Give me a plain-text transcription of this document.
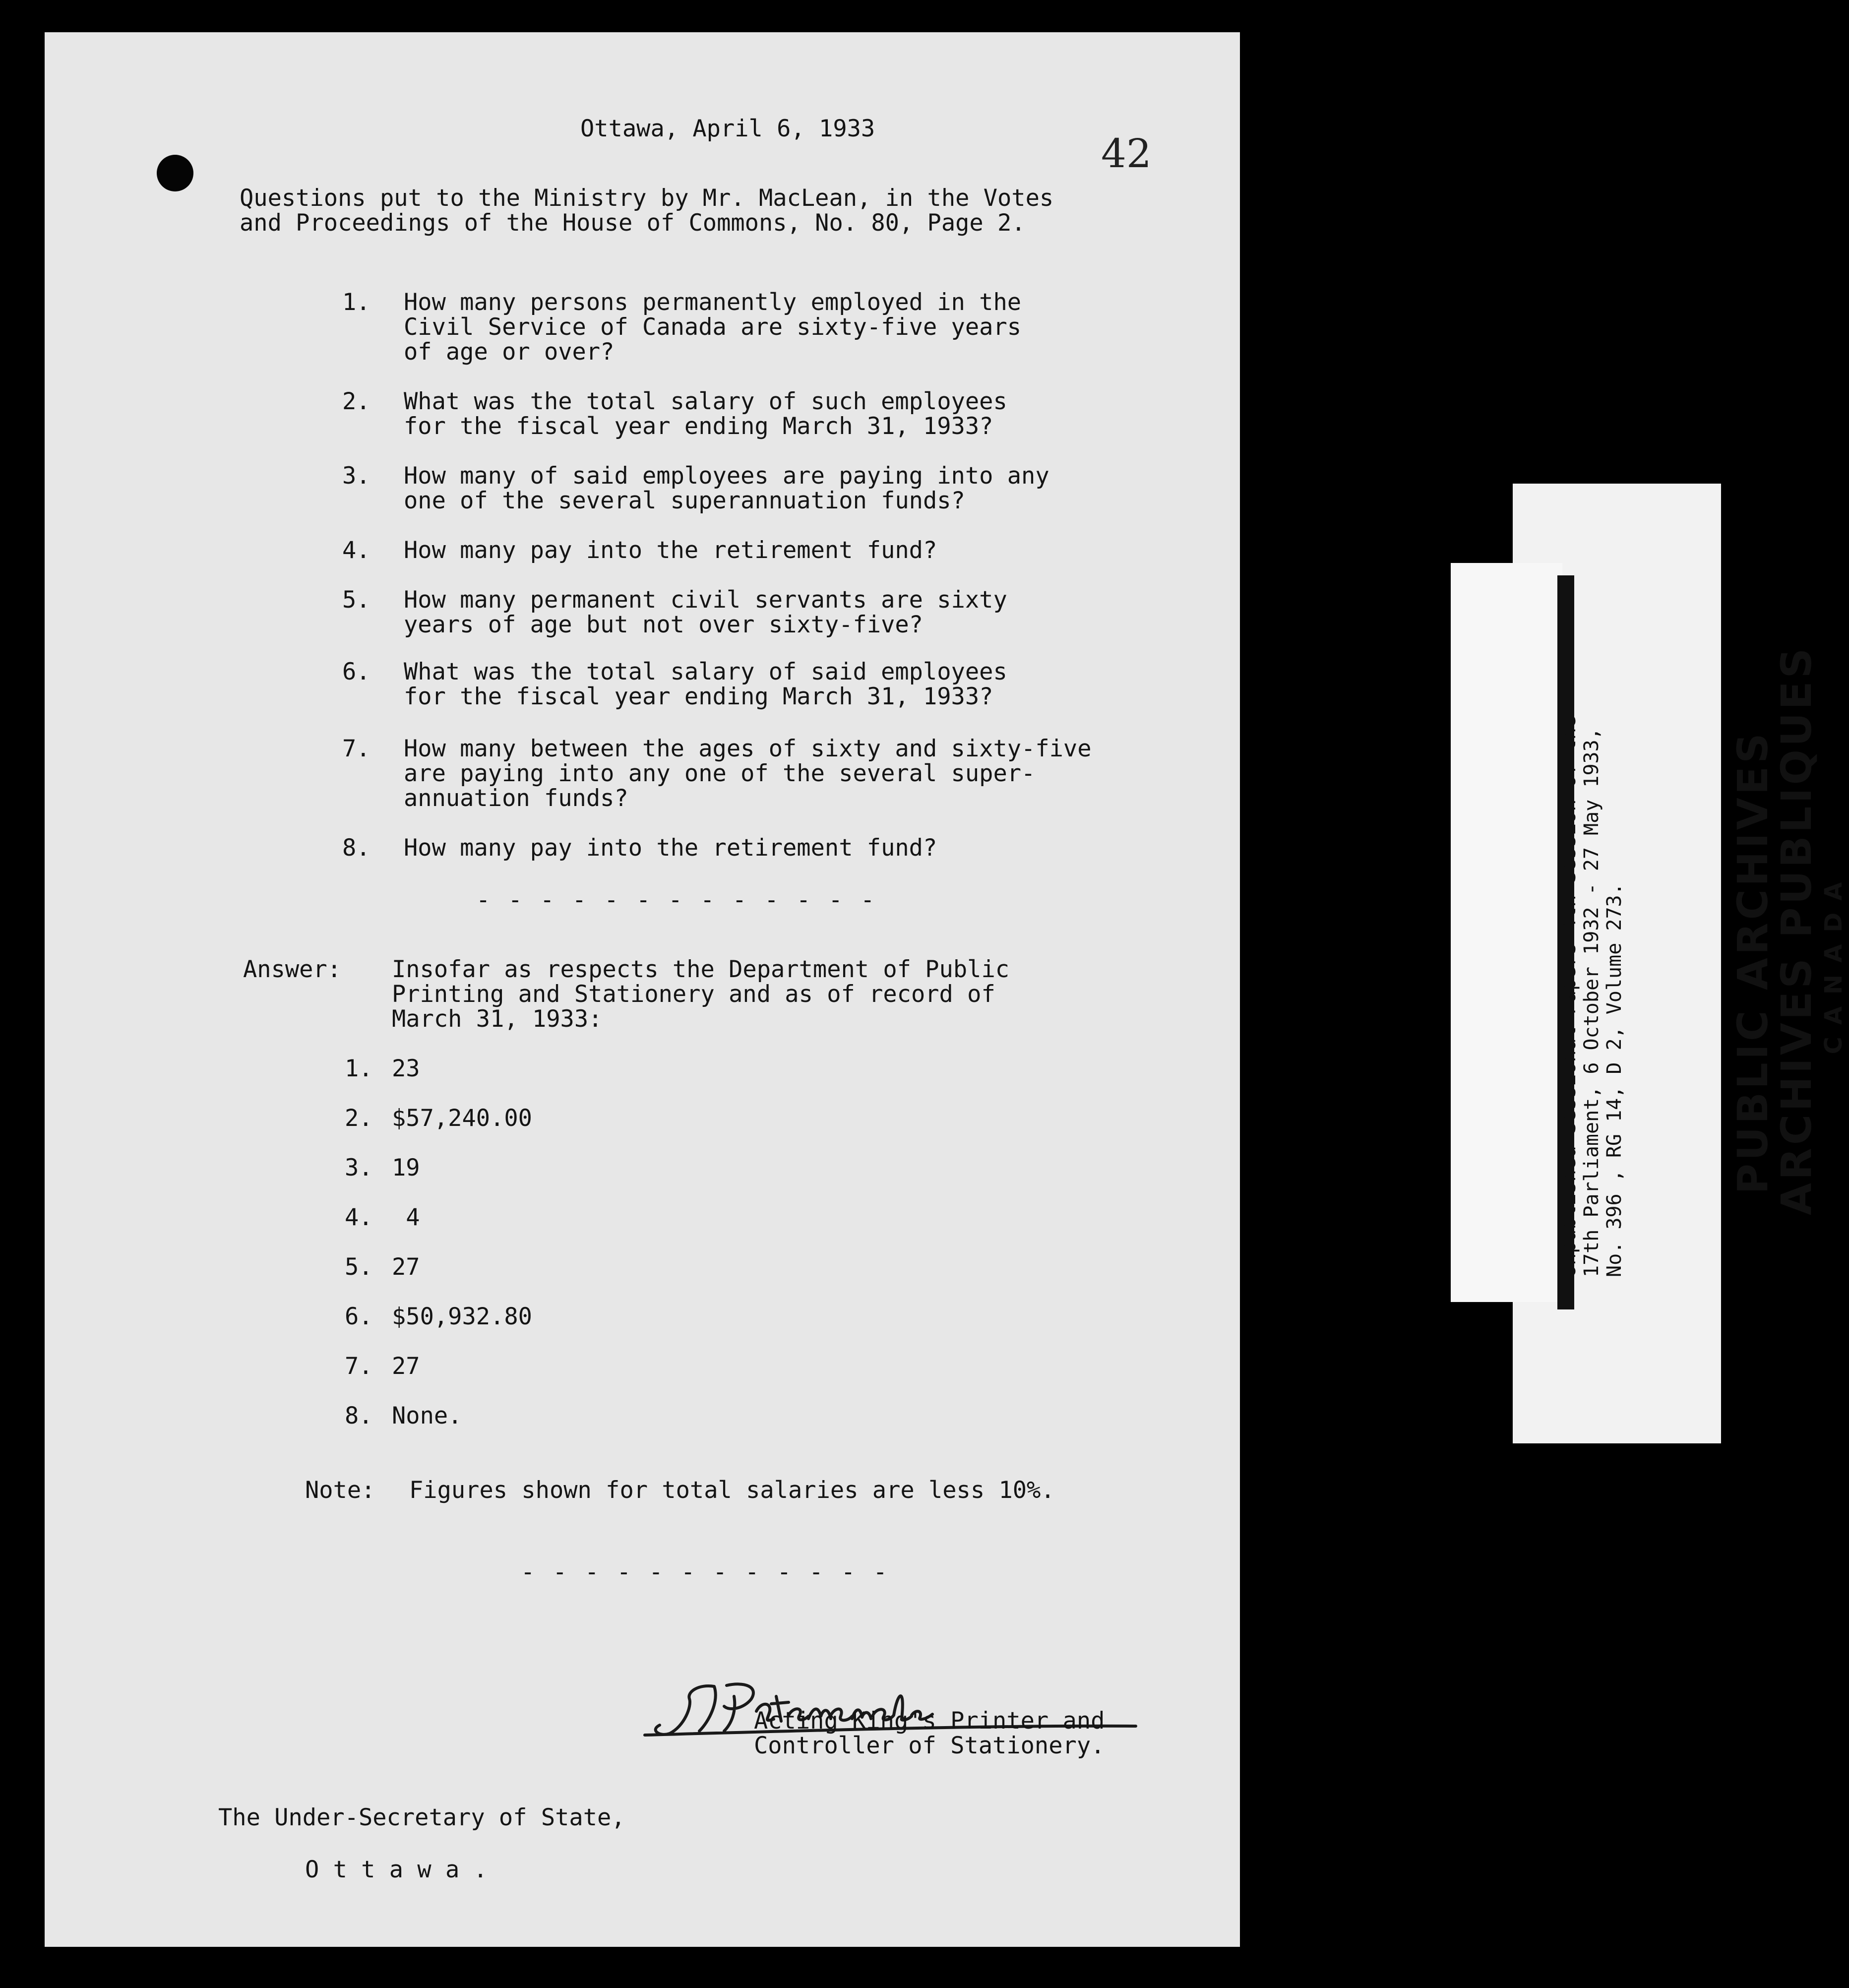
42
Ottawa, April 6, 1933
Questions put to the Ministry by Mr. MacLean, in the Votes
and Proceedings of the House of Commons, No. 80, Page 2.
1. How many persons permanently employed in the
Civil Service of Canada are sixty-five years
of age or over?
2. What was the total salary of such employees
for the fiscal year ending March 31, 1933?
3. How many of said employees are paying into any
one of the several superannuation funds?
4. How many pay into the retirement fund?
5. How many permanent civil servants are sixty
years of age but not over sixty-five?
6. What was the total salary of said employees
for the fiscal year ending March 31, 1933?
7. How many between the ages of sixty and sixty-five
are paying into any one of the several super-
annuation funds?
8. How many pay into the retirement fund?
- - - - - - - - - - - - -
Answer: Insofar as respects the Department of Public
Printing and Stationery and as of record of
March 31, 1933:
1. 23
2. $57,240.00
3. 19
4. 4
5. 27
6. $50,932.80
7. 27
8. None.
Note: Figures shown for total salaries are less 10%.
- - - - - - - - - - - -
Acting King's Printer and
Controller of Stationery.
The Under-Secretary of State,
O t t a w a .
Unpublished Sessional Papers 4th Session of the 17th Parliament, 6 October 1932 - 27 May 1933, No. 396 , RG 14, D 2, Volume 273. PUBLIC ARCHIVES
ARCHIVES PUBLIQUES
CANADA
